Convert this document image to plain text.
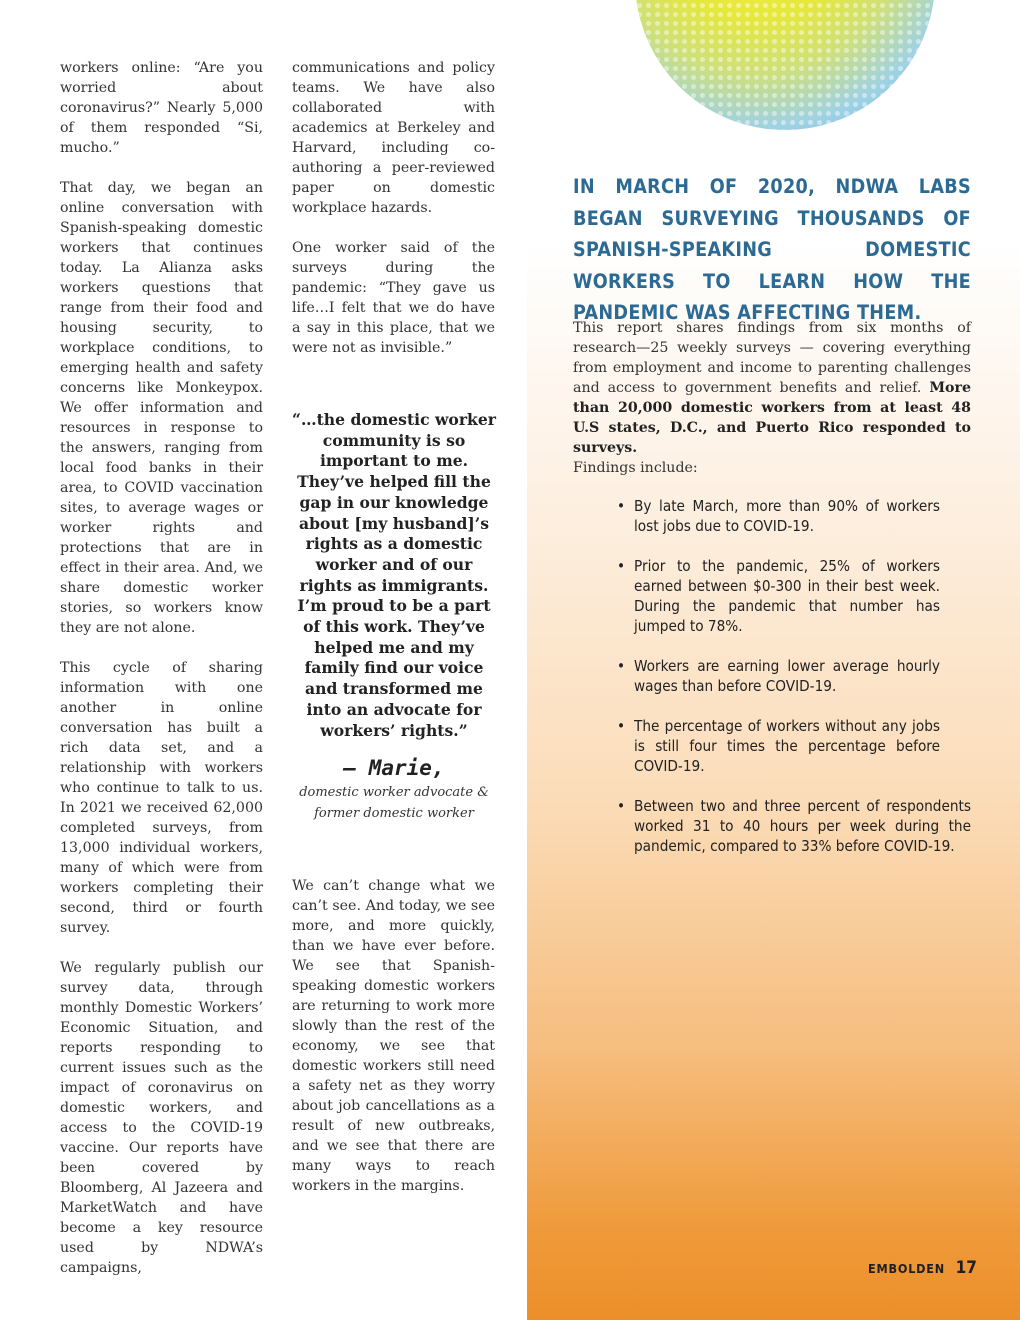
workers online: “Are you worried about coronavirus?” Nearly 5,000 of them responded “Si, mucho.”

That day, we began an online conversation with Spanish-speaking domestic workers that continues today. La Alianza asks workers questions that range from their food and housing security, to workplace conditions, to emerging health and safety concerns like Monkeypox. We offer information and resources in response to the answers, ranging from local food banks in their area, to COVID vaccination sites, to average wages or worker rights and protections that are in effect in their area. And, we share domestic worker stories, so workers know they are not alone.

This cycle of sharing information with one another in online conversation has built a rich data set, and a relationship with workers who continue to talk to us. In 2021 we received 62,000 completed surveys, from 13,000 individual workers, many of which were from workers completing their second, third or fourth survey.

We regularly publish our survey data, through monthly Domestic Workers’ Economic Situation, and reports responding to current issues such as the impact of coronavirus on domestic workers, and access to the COVID-19 vaccine. Our reports have been covered by Bloomberg, Al Jazeera and MarketWatch and have become a key resource used by NDWA’s campaigns,

communications and policy teams. We have also collaborated with academics at Berkeley and Harvard, including co-authoring a peer-reviewed paper on domestic workplace hazards.

One worker said of the surveys during the pandemic: “They gave us life…I felt that we do have a say in this place, that we were not as invisible.”

“…the domestic worker community is so important to me. They’ve helped fill the gap in our knowledge about [my husband]’s rights as a domestic worker and of our rights as immigrants. I’m proud to be a part of this work. They’ve helped me and my family find our voice and transformed me into an advocate for workers’ rights.”
– Marie,
domestic worker advocate & former domestic worker

We can’t change what we can’t see. And today, we see more, and more quickly, than we have ever before. We see that Spanish-speaking domestic workers are returning to work more slowly than the rest of the economy, we see that domestic workers still need a safety net as they worry about job cancellations as a result of new outbreaks, and we see that there are many ways to reach workers in the margins.

IN MARCH OF 2020, NDWA LABS BEGAN SURVEYING THOUSANDS OF SPANISH-SPEAKING DOMESTIC WORKERS TO LEARN HOW THE PANDEMIC WAS AFFECTING THEM.
This report shares findings from six months of research—25 weekly surveys — covering everything from employment and income to parenting challenges and access to government benefits and relief. More than 20,000 domestic workers from at least 48 U.S states, D.C., and Puerto Rico responded to surveys.
Findings include:
• By late March, more than 90% of workers lost jobs due to COVID-19.
• Prior to the pandemic, 25% of workers earned between $0-300 in their best week. During the pandemic that number has jumped to 78%.
• Workers are earning lower average hourly wages than before COVID-19.
• The percentage of workers without any jobs is still four times the percentage before COVID-19.
• Between two and three percent of respondents worked 31 to 40 hours per week during the pandemic, compared to 33% before COVID-19.
EMBOLDEN 17
